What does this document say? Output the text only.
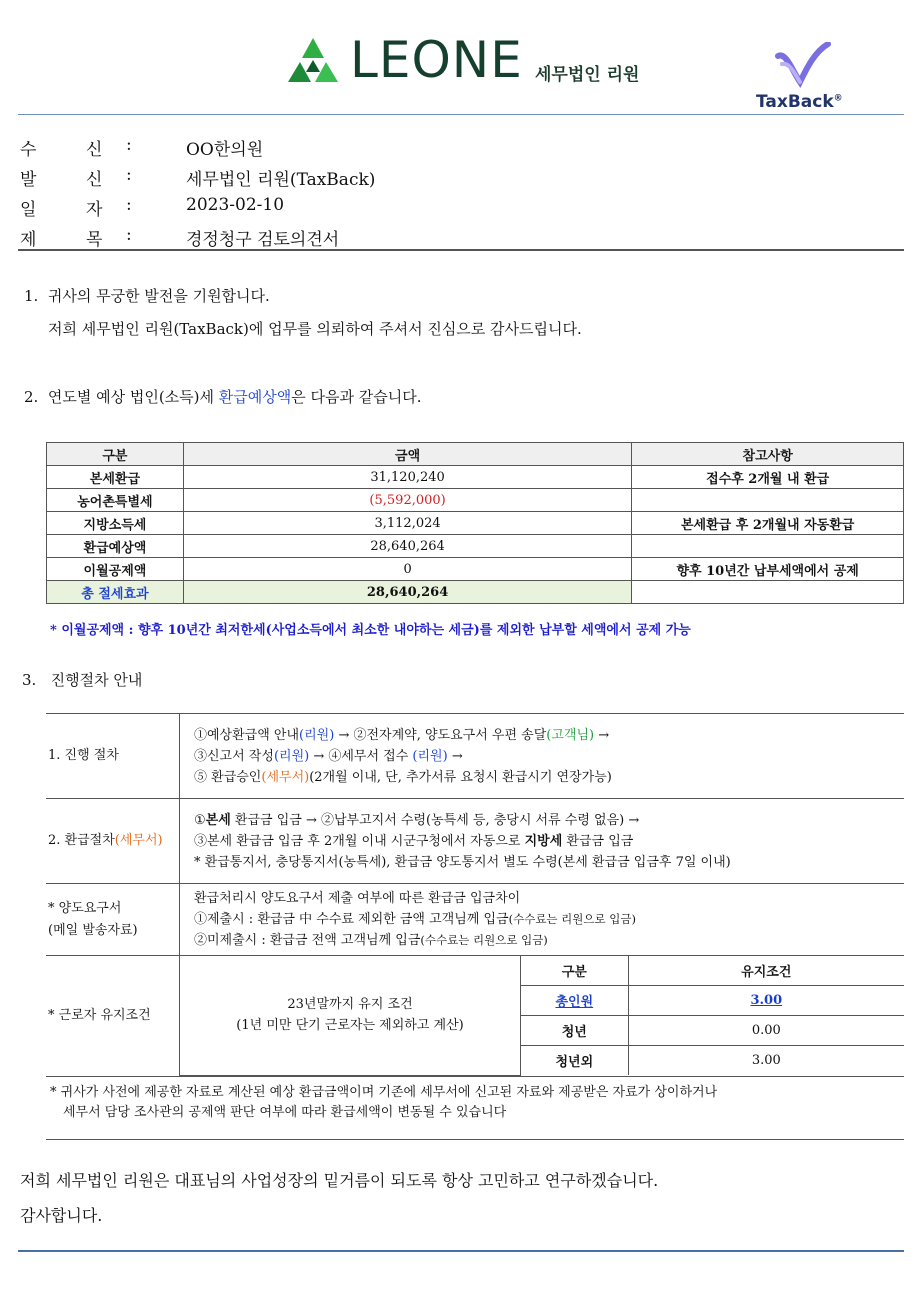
LEONE 세무법인 리원
TaxBack®
수	신	:	OO한의원
발	신	:	세무법인 리원(TaxBack)
일	자	:	2023-02-10
제	목	:	경정청구 검토의견서
1. 귀사의 무궁한 발전을 기원합니다.
저희 세무법인 리원(TaxBack)에 업무를 의뢰하여 주셔서 진심으로 감사드립니다.
2. 연도별 예상 법인(소득)세 환급예상액은 다음과 같습니다.
구분	금액	참고사항
본세환급	31,120,240	접수후 2개월 내 환급
농어촌특별세	(5,592,000)	
지방소득세	3,112,024	본세환급 후 2개월내 자동환급
환급예상액	28,640,264	
이월공제액	0	향후 10년간 납부세액에서 공제
총 절세효과	28,640,264	
* 이월공제액 : 향후 10년간 최저한세(사업소득에서 최소한 내야하는 세금)를 제외한 납부할 세액에서 공제 가능
3. 진행절차 안내
1. 진행 절차	
①예상환급액 안내(리원) → ②전자계약, 양도요구서 우편 송달(고객님) →
③신고서 작성(리원) → ④세무서 접수 (리원) →
⑤ 환급승인(세무서)(2개월 이내, 단, 추가서류 요청시 환급시기 연장가능)

2. 환급절차(세무서)	
①본세 환급금 입금 → ②납부고지서 수령(농특세 등, 충당시 서류 수령 없음) →
③본세 환급금 입금 후 2개월 이내 시군구청에서 자동으로 지방세 환급금 입금
* 환급통지서, 충당통지서(농특세), 환급금 양도통지서 별도 수령(본세 환급금 입금후 7일 이내)

* 양도요구서
(메일 발송자료)

환급처리시 양도요구서 제출 여부에 따른 환급금 입금차이
①제출시 : 환급금 中 수수료 제외한 금액 고객님께 입금(수수료는 리원으로 입금)
②미제출시 : 환급금 전액 고객님께 입금(수수료는 리원으로 입금)

* 근로자 유지조건	
23년말까지 유지 조건
(1년 미만 단기 근로자는 제외하고 계산)
	구분	유지조건
총인원	3.00
청년	0.00
청년외	3.00
* 귀사가 사전에 제공한 자료로 계산된 예상 환급금액이며 기존에 세무서에 신고된 자료와 제공받은 자료가 상이하거나
세무서 담당 조사관의 공제액 판단 여부에 따라 환급세액이 변동될 수 있습니다
저희 세무법인 리원은 대표님의 사업성장의 밑거름이 되도록 항상 고민하고 연구하겠습니다.
감사합니다.
